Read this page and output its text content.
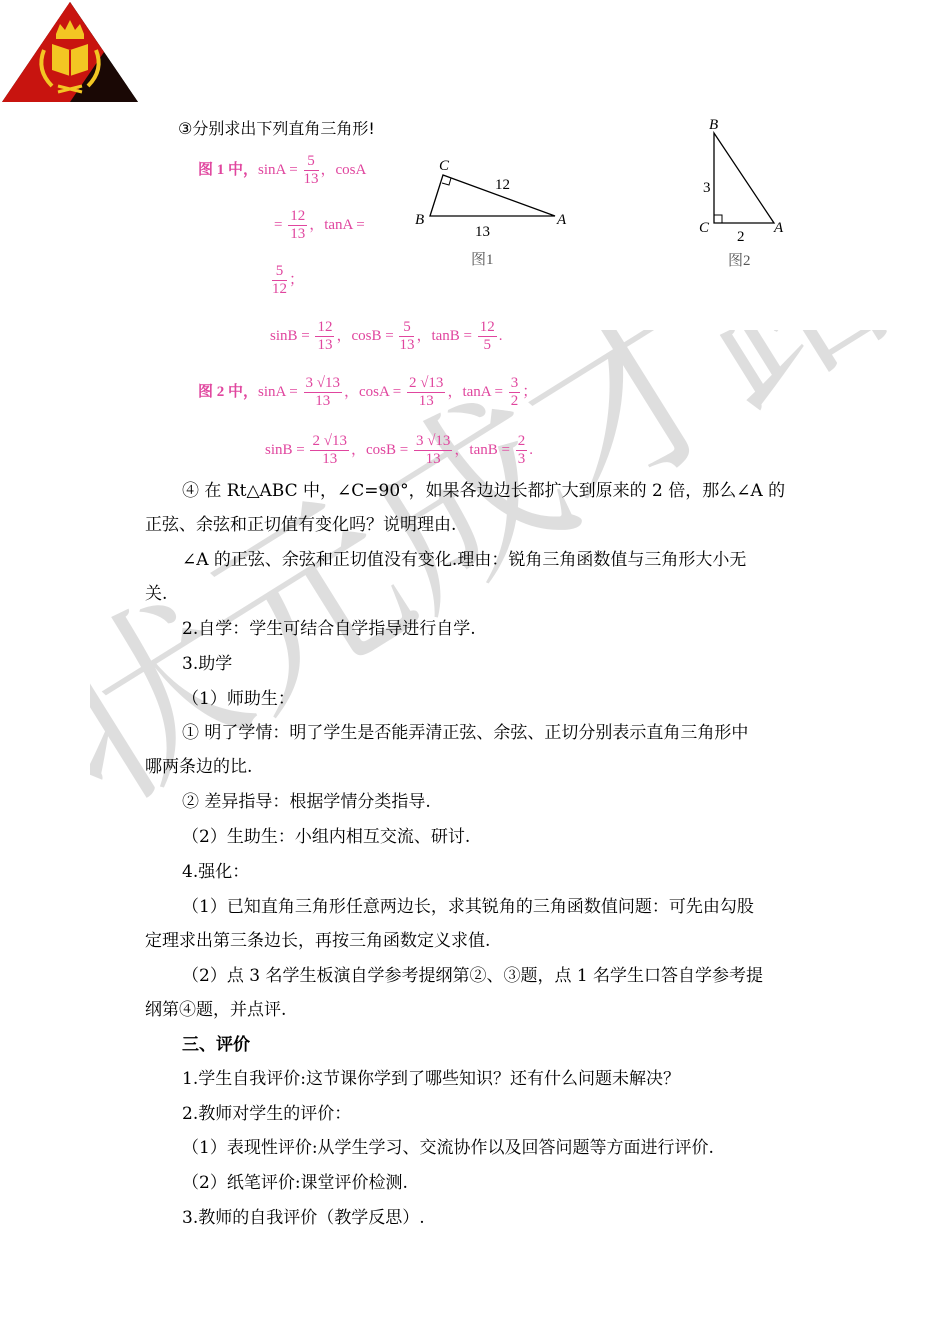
状元成才路
③分别求出下列直角三角形!
C
B	A
12
13
图1
B
3
C	A
2
图2
图 1 中，$\sin A = \frac{5}{13}$ ，cosA
= $\frac{12}{13}$ ，tanA =
$\frac{5}{12}$ ；
$\sin B = \frac{12}{13}$ ，$\cos B = \frac{5}{13}$ ，$\tan B = \frac{12}{5}$ .
图 2 中，$\sin A = \frac{3 √13}{13}$ ，$\cos A = \frac{2 √13}{13}$ ，$\tan A = \frac{3}{2}$ ；
$\sin B = \frac{2 √13}{13}$ ，$\cos B = \frac{3 √13}{13}$ ，$\tan B = \frac{2}{3}$ .
④ 在 Rt△ABC 中，∠C=90°，如果各边边长都扩大到原来的 2 倍，那么∠A 的
正弦、余弦和正切值有变化吗？说明理由.
∠A 的正弦、余弦和正切值没有变化.理由：锐角三角函数值与三角形大小无
关.
2.自学：学生可结合自学指导进行自学.
3.助学
（1）师助生：
① 明了学情：明了学生是否能弄清正弦、余弦、正切分别表示直角三角形中
哪两条边的比.
② 差异指导：根据学情分类指导.
（2）生助生：小组内相互交流、研讨.
4.强化：
（1）已知直角三角形任意两边长，求其锐角的三角函数值问题：可先由勾股
定理求出第三条边长，再按三角函数定义求值.
（2）点 3 名学生板演自学参考提纲第②、③题，点 1 名学生口答自学参考提
纲第④题，并点评.
三、评价
1.学生自我评价:这节课你学到了哪些知识？还有什么问题未解决？
2.教师对学生的评价：
（1）表现性评价:从学生学习、交流协作以及回答问题等方面进行评价.
（2）纸笔评价:课堂评价检测.
3.教师的自我评价（教学反思）.
